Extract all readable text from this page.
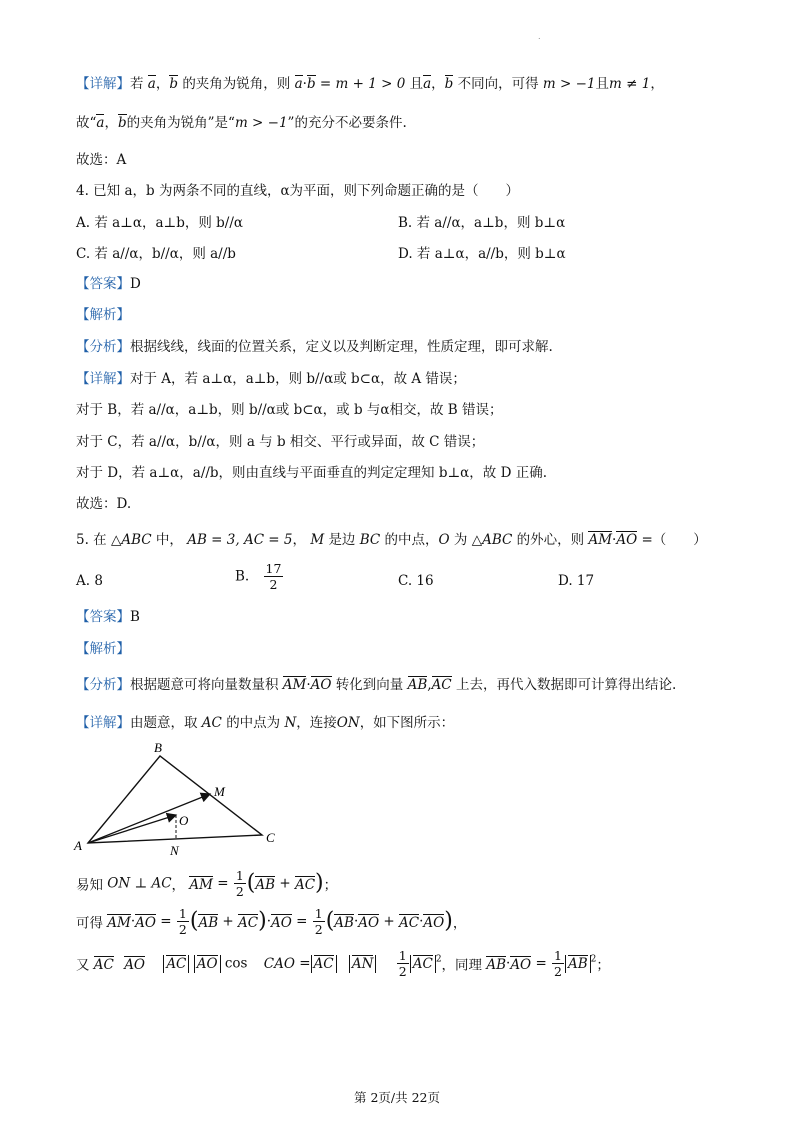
.
【详解】若 a，b 的夹角为锐角，则 a·b = m + 1 > 0 且a，b 不同向，可得 m > −1且m ≠ 1，
故“a，b的夹角为锐角”是“m > −1”的充分不必要条件.
故选：A
4. 已知 a，b 为两条不同的直线，α为平面，则下列命题正确的是（　　）
A. 若 a⊥α，a⊥b，则 b//α	B. 若 a//α，a⊥b，则 b⊥α
C. 若 a//α，b//α，则 a//b	D. 若 a⊥α，a//b，则 b⊥α
【答案】D
【解析】
【分析】根据线线，线面的位置关系，定义以及判断定理，性质定理，即可求解.
【详解】对于 A，若 a⊥α，a⊥b，则 b//α或 b⊂α，故 A 错误；
对于 B，若 a//α，a⊥b，则 b//α或 b⊂α，或 b 与α相交，故 B 错误；
对于 C，若 a//α，b//α，则 a 与 b 相交、平行或异面，故 C 错误；
对于 D，若 a⊥α，a//b，则由直线与平面垂直的判定定理知 b⊥α，故 D 正确.
故选：D.
5. 在 △ABC 中， AB = 3, AC = 5， M 是边 BC 的中点，O 为 △ABC 的外心，则 AM·AO =（　　）
A. 8	B. $\frac{17}{2}$	C. 16	D. 17
【答案】B
【解析】
【分析】根据题意可将向量数量积 AM·AO 转化到向量 AB,AC 上去，再代入数据即可计算得出结论.
【详解】由题意，取 AC 的中点为 N，连接ON，如下图所示：
B
M
O
A	N
C
易知 ON ⊥ AC， AM = $\frac{1}{2} (AB + AC)$；
可得 $AM\cdot AO = \frac{1}{2} (AB + AC)\cdot AO = \frac{1}{2} (AB\cdot AO + AC\cdot AO)$，
又 AC AO AC AO cos CAO = AC AN $\frac{1}{2}$ AC $^2$，同理 $AB\cdot AO = \frac{1}{2}$ AB $^2$；
第 2页/共 22页
